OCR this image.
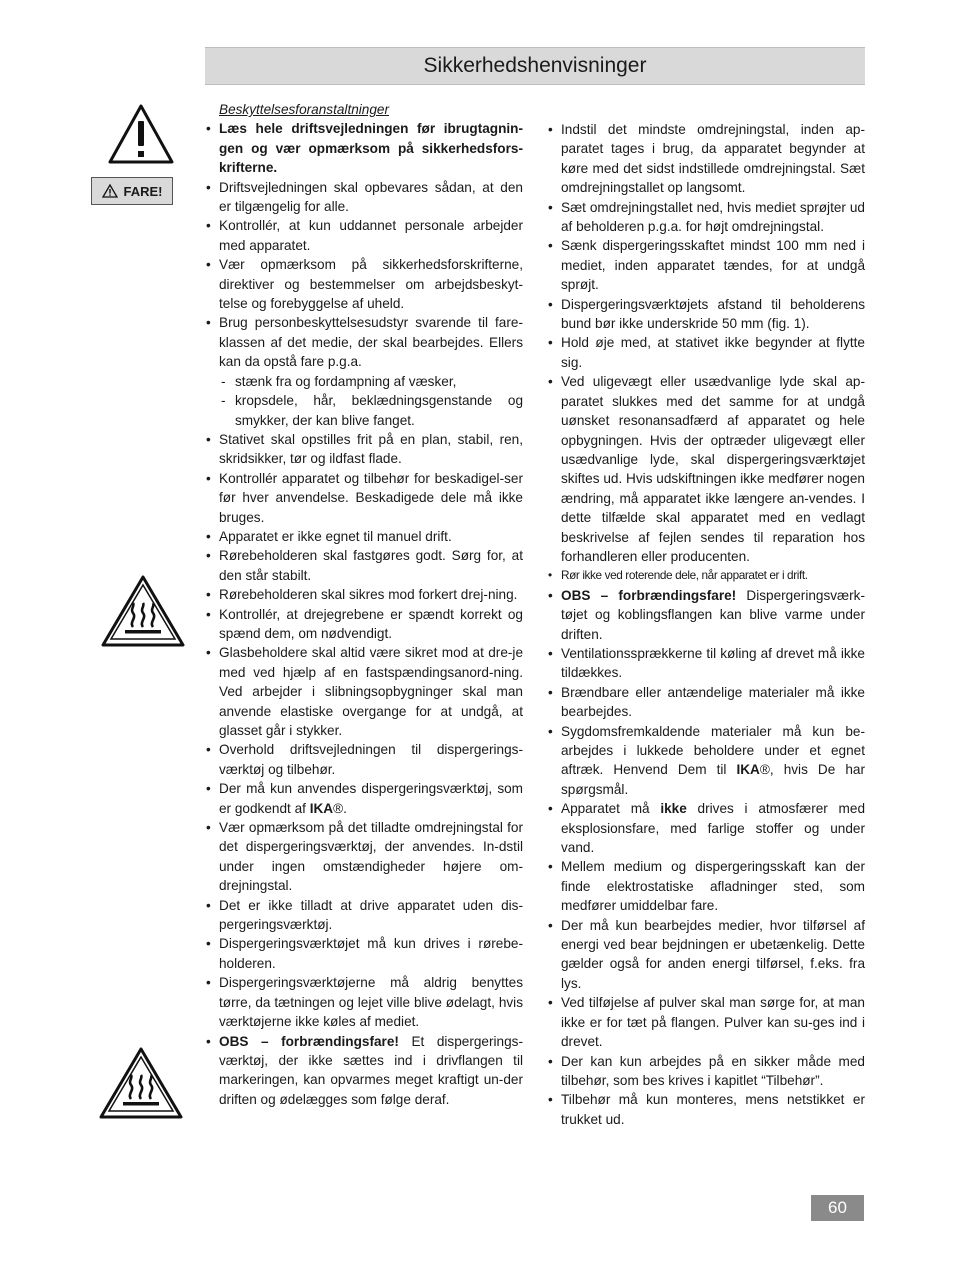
Sikkerhedshenvisninger
FARE!
Beskyttelsesforanstaltninger
• Læs hele driftsvejledningen før ibrugtagnin-gen og vær opmærksom på sikkerhedsfors-krifterne.
• Driftsvejledningen skal opbevares sådan, at den er tilgængelig for alle.
• Kontrollér, at kun uddannet personale arbejder med apparatet.
• Vær opmærksom på sikkerhedsforskrifterne, direktiver og bestemmelser om arbejdsbeskyt-telse og forebyggelse af uheld.
• Brug personbeskyttelsesudstyr svarende til fare-klassen af det medie, der skal bearbejdes. Ellers kan da opstå fare p.g.a.
- stænk fra og fordampning af væsker,
- kropsdele, hår, beklædningsgenstande og smykker, der kan blive fanget.
• Stativet skal opstilles frit på en plan, stabil, ren, skridsikker, tør og ildfast flade.
• Kontrollér apparatet og tilbehør for beskadigel-ser før hver anvendelse. Beskadigede dele må ikke bruges.
• Apparatet er ikke egnet til manuel drift.
• Rørebeholderen skal fastgøres godt. Sørg for, at den står stabilt.
• Rørebeholderen skal sikres mod forkert drej-ning.
• Kontrollér, at drejegrebene er spændt korrekt og spænd dem, om nødvendigt.
• Glasbeholdere skal altid være sikret mod at dre-je med ved hjælp af en fastspændingsanord-ning. Ved arbejder i slibningsopbygninger skal man anvende elastiske overgange for at undgå, at glasset går i stykker.
• Overhold driftsvejledningen til dispergerings-værktøj og tilbehør.
• Der må kun anvendes dispergeringsværktøj, som er godkendt af IKA®.
• Vær opmærksom på det tilladte omdrejningstal for det dispergeringsværktøj, der anvendes. In-dstil under ingen omstændigheder højere om-drejningstal.
• Det er ikke tilladt at drive apparatet uden dis-pergeringsværktøj.
• Dispergeringsværktøjet må kun drives i rørebe-holderen.
• Dispergeringsværktøjerne må aldrig benyttes tørre, da tætningen og lejet ville blive ødelagt, hvis værktøjerne ikke køles af mediet.
• OBS – forbrændingsfare! Et dispergerings-værktøj, der ikke sættes ind i drivflangen til markeringen, kan opvarmes meget kraftigt un-der driften og ødelægges som følge deraf.
• Indstil det mindste omdrejningstal, inden ap-paratet tages i brug, da apparatet begynder at køre med det sidst indstillede omdrejningstal. Sæt omdrejningstallet op langsomt.
• Sæt omdrejningstallet ned, hvis mediet sprøjter ud af beholderen p.g.a. for højt omdrejningstal.
• Sænk dispergeringsskaftet mindst 100 mm ned i mediet, inden apparatet tændes, for at undgå sprøjt.
• Dispergeringsværktøjets afstand til beholderens bund bør ikke underskride 50 mm (fig. 1).
• Hold øje med, at stativet ikke begynder at flytte sig.
• Ved uligevægt eller usædvanlige lyde skal ap-paratet slukkes med det samme for at undgå uønsket resonansadfærd af apparatet og hele opbygningen. Hvis der optræder uligevægt eller usædvanlige lyde, skal dispergeringsværktøjet skiftes ud. Hvis udskiftningen ikke medfører nogen ændring, må apparatet ikke længere an-vendes. I dette tilfælde skal apparatet med en vedlagt beskrivelse af fejlen sendes til reparation hos forhandleren eller producenten.
• Rør ikke ved roterende dele, når apparatet er i drift.
• OBS – forbrændingsfare! Dispergeringsværk-tøjet og koblingsflangen kan blive varme under driften.
• Ventilationssprækkerne til køling af drevet må ikke tildækkes.
• Brændbare eller antændelige materialer må ikke bearbejdes.
• Sygdomsfremkaldende materialer må kun be-arbejdes i lukkede beholdere under et egnet aftræk. Henvend Dem til IKA®, hvis De har spørgsmål.
• Apparatet må ikke drives i atmosfærer med eksplosionsfare, med farlige stoffer og under vand.
• Mellem medium og dispergeringsskaft kan der finde elektrostatiske afladninger sted, som medfører umiddelbar fare.
• Der må kun bearbejdes medier, hvor tilførsel af energi ved bear bejdningen er ubetænkelig. Dette gælder også for anden energi tilførsel, f.eks. fra lys.
• Ved tilføjelse af pulver skal man sørge for, at man ikke er for tæt på flangen. Pulver kan su-ges ind i drevet.
• Der kan kun arbejdes på en sikker måde med tilbehør, som bes krives i kapitlet “Tilbehør”.
• Tilbehør må kun monteres, mens netstikket er trukket ud.
60
